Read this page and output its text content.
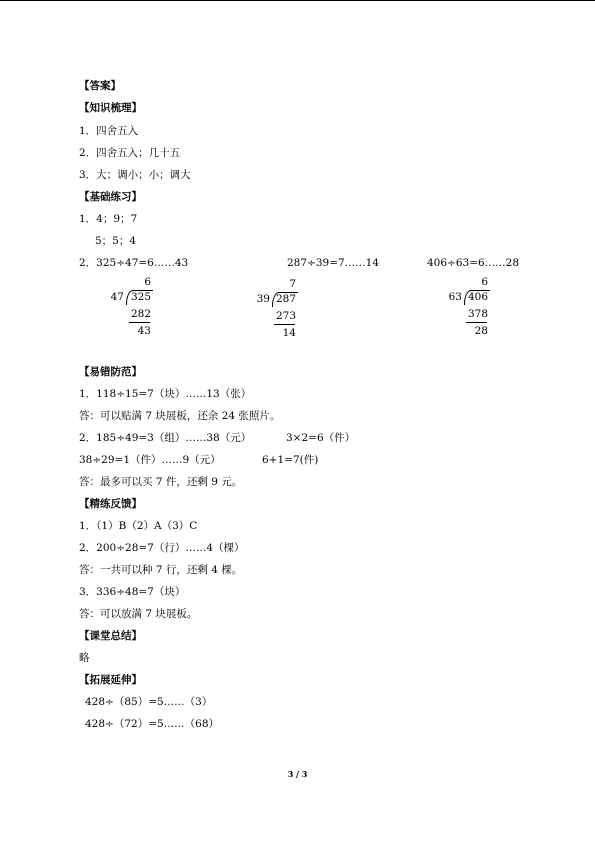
【答案】
【知识梳理】
1．四舍五入
2．四舍五入；几十五
3．大；调小；小；调大
【基础练习】
1．4；9；7
5；5；4
2．325÷47=6……43	287÷39=7……14	406÷63=6……28
6
47 325
282
43
7
39 287
273
14
6
63 406
378
28
【易错防范】
1．118÷15=7（块）……13（张）
答：可以贴满 7 块展板，还余 24 张照片。
2．185÷49=3（组）……38（元）	3×2=6（件）
38÷29=1（件）……9（元）	6+1=7(件)
答：最多可以买 7 件，还剩 9 元。
【精练反馈】
1．（1）B（2）A（3）C
2．200÷28=7（行）……4（棵）
答：一共可以种 7 行，还剩 4 棵。
3．336÷48=7（块）
答：可以放满 7 块展板。
【课堂总结】
略
【拓展延伸】
428÷（85）=5……（3）
428÷（72）=5……（68）
3 / 3
